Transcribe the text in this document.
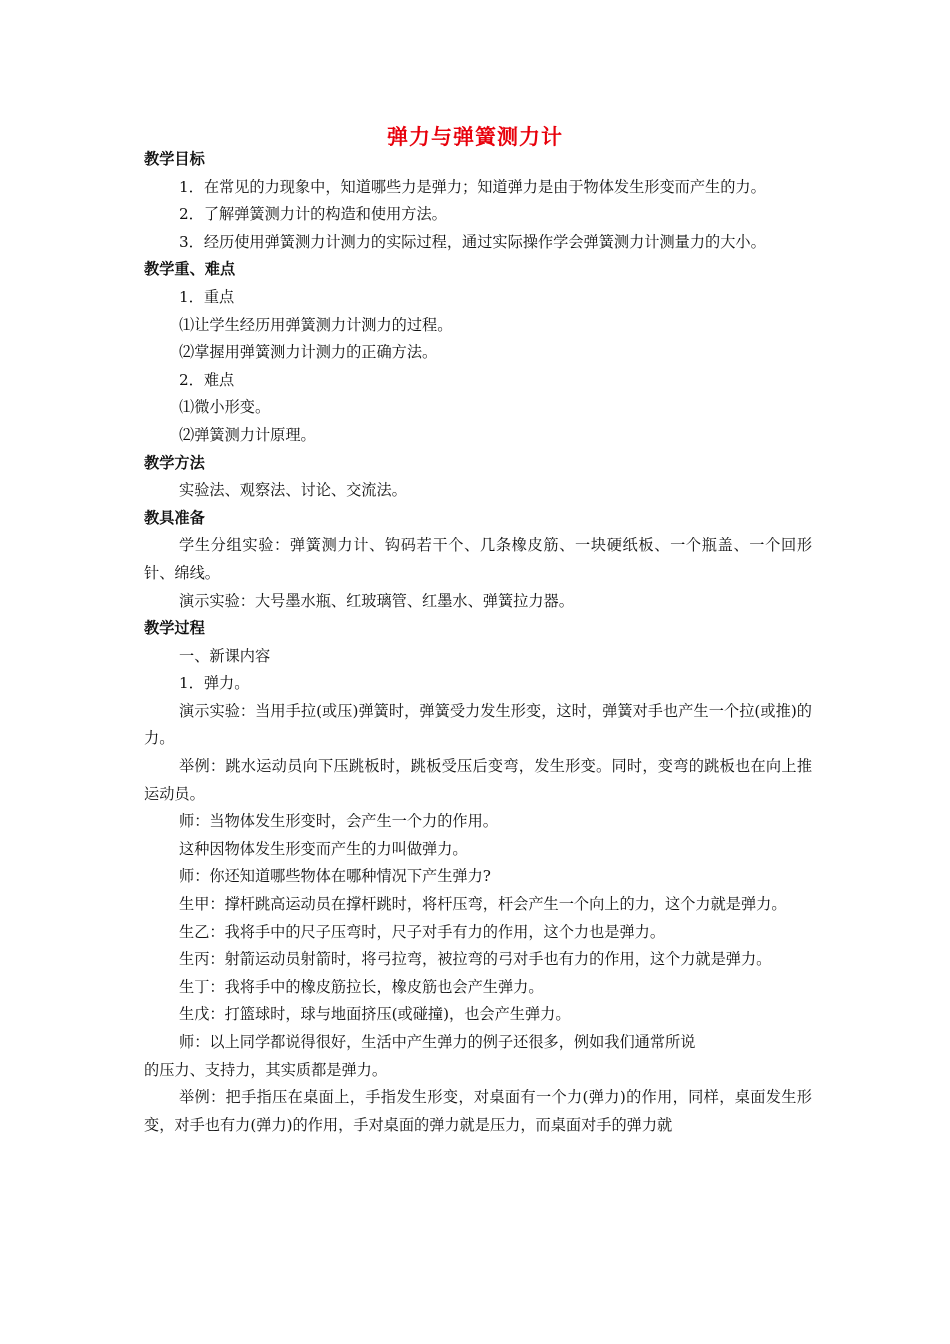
弹力与弹簧测力计

教学目标

1．在常见的力现象中，知道哪些力是弹力；知道弹力是由于物体发生形变而产生的力。

2．了解弹簧测力计的构造和使用方法。

3．经历使用弹簧测力计测力的实际过程，通过实际操作学会弹簧测力计测量力的大小。

教学重、难点

1．重点

⑴让学生经历用弹簧测力计测力的过程。

⑵掌握用弹簧测力计测力的正确方法。

2．难点

⑴微小形变。

⑵弹簧测力计原理。

教学方法

实验法、观察法、讨论、交流法。

教具准备

学生分组实验：弹簧测力计、钩码若干个、几条橡皮筋、一块硬纸板、一个瓶盖、一个回形针、绵线。

演示实验：大号墨水瓶、红玻璃管、红墨水、弹簧拉力器。

教学过程

一、新课内容

1．弹力。

演示实验：当用手拉(或压)弹簧时，弹簧受力发生形变，这时，弹簧对手也产生一个拉(或推)的力。

举例：跳水运动员向下压跳板时，跳板受压后变弯，发生形变。同时，变弯的跳板也在向上推运动员。

师：当物体发生形变时，会产生一个力的作用。

这种因物体发生形变而产生的力叫做弹力。

师：你还知道哪些物体在哪种情况下产生弹力?

生甲：撑杆跳高运动员在撑杆跳时，将杆压弯，杆会产生一个向上的力，这个力就是弹力。

生乙：我将手中的尺子压弯时，尺子对手有力的作用，这个力也是弹力。

生丙：射箭运动员射箭时，将弓拉弯，被拉弯的弓对手也有力的作用，这个力就是弹力。

生丁：我将手中的橡皮筋拉长，橡皮筋也会产生弹力。

生戊：打篮球时，球与地面挤压(或碰撞)，也会产生弹力。

师：以上同学都说得很好，生活中产生弹力的例子还很多，例如我们通常所说

的压力、支持力，其实质都是弹力。

举例：把手指压在桌面上，手指发生形变，对桌面有一个力(弹力)的作用，同样，桌面发生形变，对手也有力(弹力)的作用，手对桌面的弹力就是压力，而桌面对手的弹力就
